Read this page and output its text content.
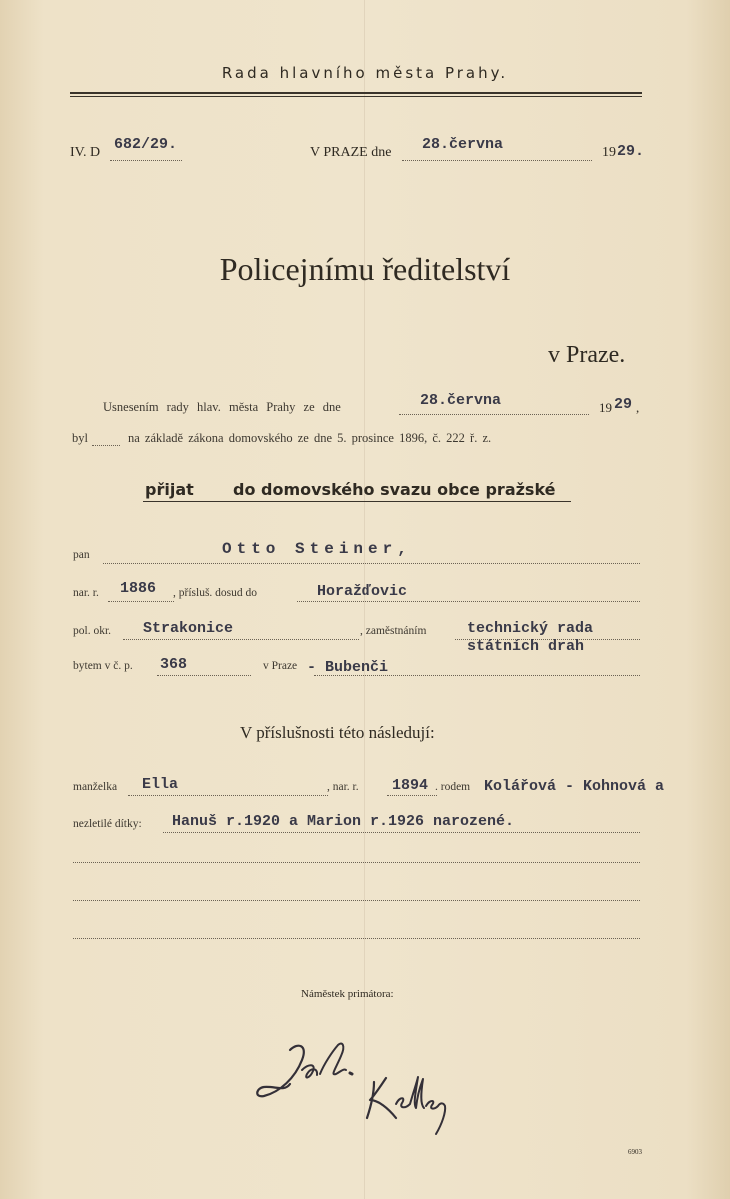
Rada hlavního města Prahy.
IV. D 682/29.	V PRAZE dne 28.června	19 29.
Policejnímu ředitelství
v Praze.
Usnesením rady hlav. města Prahy ze dne	28.června	19 29 ,
byl	na základě zákona domovského ze dne 5. prosince 1896, č. 222 ř. z.
přijat do domovského svazu obce pražské
pan	Otto Steiner,
nar. r. 1886 , přísluš. dosud do	Horažďovic
pol. okr. Strakonice	, zaměstnáním	technický rada
státních drah
bytem v č. p. 368	v Praze - Bubenči
V příslušnosti této následují:
manželka Ella	, nar. r. 1894 . rodem Kolářová - Kohnová a
nezletilé dítky: Hanuš r.1920 a Marion r.1926 narozené.
Náměstek primátora:
6903
